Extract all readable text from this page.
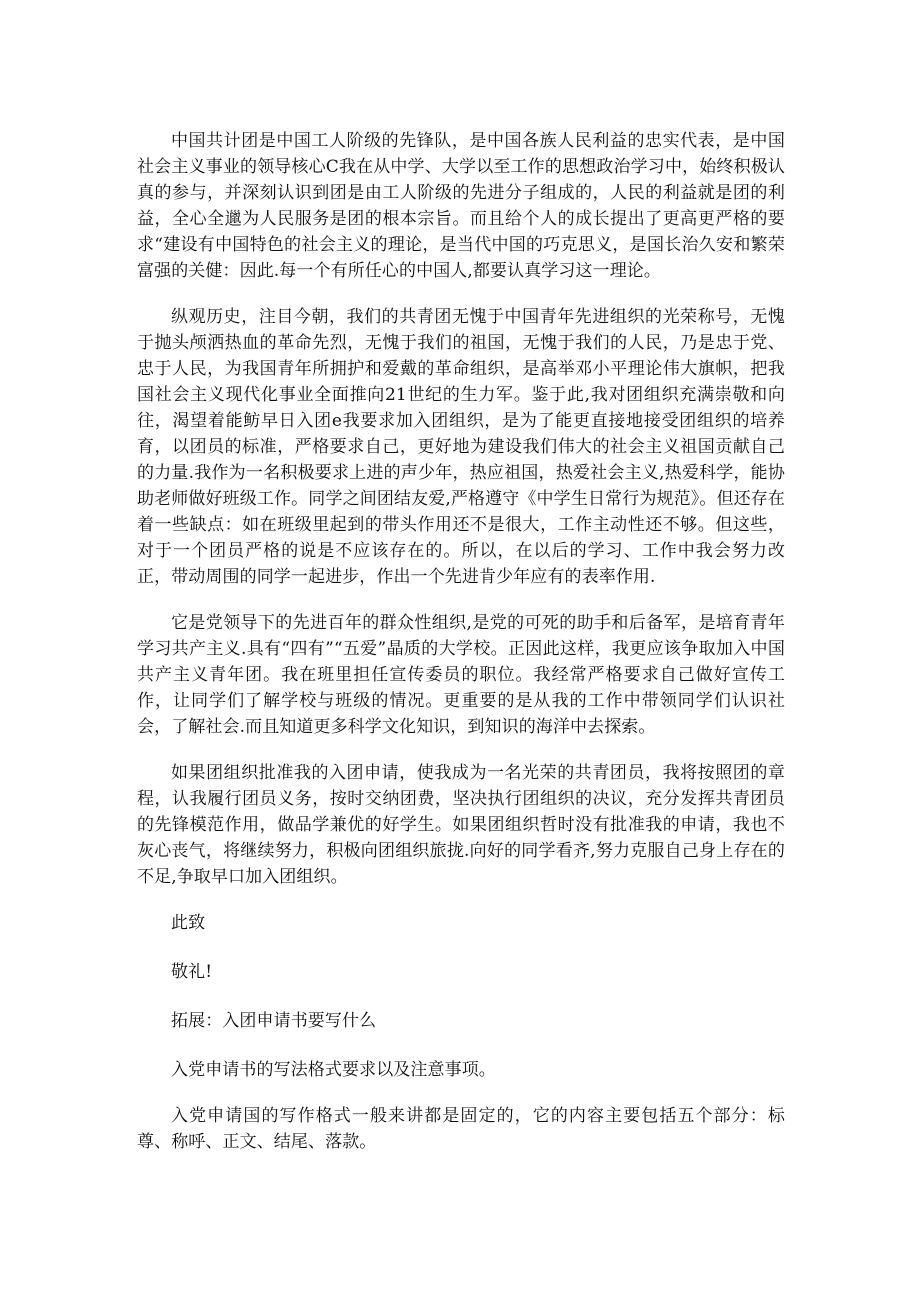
中国共计团是中国工人阶级的先锋队，是中国各族人民利益的忠实代表，是中国社会主义事业的领导核心C我在从中学、大学以至工作的思想政治学习中，始终积极认真的参与，并深刻认识到团是由工人阶级的先进分子组成的，人民的利益就是团的利益，全心全邋为人民服务是团的根本宗旨。而且给个人的成长提出了更高更严格的要求“建设有中国特色的社会主义的理论，是当代中国的巧克思义，是国长治久安和繁荣富强的关健：因此.每一个有所任心的中国人,都要认真学习这一理论。

纵观历史，注目今朝，我们的共青团无愧于中国青年先进组织的光荣称号，无愧于抛头颅洒热血的革命先烈，无愧于我们的祖国，无愧于我们的人民，乃是忠于党、忠于人民，为我国青年所拥护和爱戴的革命组织，是高举邓小平理论伟大旗帜，把我国社会主义现代化事业全面推向21世纪的生力军。鉴于此,我对团组织充满崇敬和向往，渴望着能鲂早日入团e我要求加入团组织，是为了能更直接地接受团组织的培养育，以团员的标准，严格要求自己，更好地为建设我们伟大的社会主义祖国贡献自己的力量.我作为一名积极要求上进的声少年，热应祖国，热爱社会主义,热爱科学，能协助老师做好班级工作。同学之间团结友爱,严格遵守《中学生日常行为规范》。但还存在着一些缺点：如在班级里起到的带头作用还不是很大，工作主动性还不够。但这些，对于一个团员严格的说是不应该存在的。所以，在以后的学习、工作中我会努力改正，带动周围的同学一起进步，作出一个先进肯少年应有的表率作用.

它是党领导下的先进百年的群众性组织,是党的可死的助手和后备军，是培育青年学习共产主义.具有“四有”“五爱”晶质的大学校。正因此这样，我更应该争取加入中国共产主义青年团。我在班里担任宣传委员的职位。我经常严格要求自己做好宣传工作，让同学们了解学校与班级的情况。更重要的是从我的工作中带领同学们认识社会，了解社会.而且知道更多科学文化知识，到知识的海洋中去探索。

如果团组织批准我的入团申请，使我成为一名光荣的共青团员，我将按照团的章程，认我履行团员义务，按时交纳团费，坚决执行团组织的决议，充分发挥共青团员的先锋模范作用，做品学兼优的好学生。如果团组织哲时没有批准我的申请，我也不灰心丧气，将继续努力，积极向团组织旅拢.向好的同学看齐,努力克服自己身上存在的不足,争取早口加入团组织。

此致

敬礼!

拓展：入团申请书要写什么

入党申请书的写法格式要求以及注意事项。

入党申请国的写作格式一般来讲都是固定的，它的内容主要包括五个部分：标尊、称呼、正文、结尾、落款。
